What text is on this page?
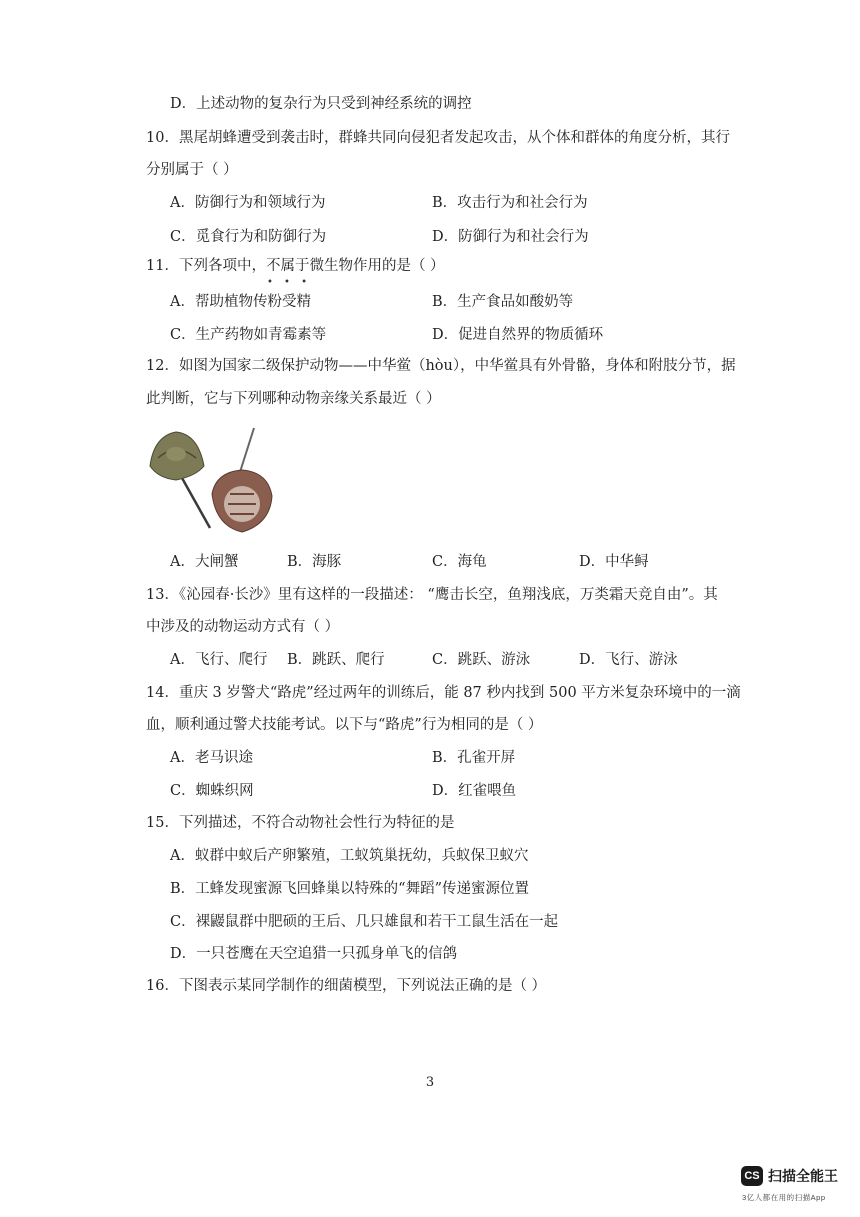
D．上述动物的复杂行为只受到神经系统的调控
10．黑尾胡蜂遭受到袭击时，群蜂共同向侵犯者发起攻击，从个体和群体的角度分析，其行
分别属于（ ）
A．防御行为和领域行为	B．攻击行为和社会行为
C．觅食行为和防御行为	D．防御行为和社会行为
11．下列各项中，不属于
• • •
微生物作用的是（ ）
A．帮助植物传粉受精	B．生产食品如酸奶等
C．生产药物如青霉素等	D．促进自然界的物质循环
12．如图为国家二级保护动物——中华鲎（hòu），中华鲎具有外骨骼，身体和附肢分节，据
此判断，它与下列哪种动物亲缘关系最近（ ）
A．大闸蟹	B．海豚	C．海龟	D．中华鲟
13．《沁园春·长沙》里有这样的一段描述： “鹰击长空，鱼翔浅底，万类霜天竞自由”。其
中涉及的动物运动方式有（ ）
A．飞行、爬行 B．跳跃、爬行	C．跳跃、游泳	D．飞行、游泳
14．重庆 3 岁警犬“路虎”经过两年的训练后，能 87 秒内找到 500 平方米复杂环境中的一滴
血，顺利通过警犬技能考试。以下与“路虎”行为相同的是（ ）
A．老马识途	B．孔雀开屏
C．蜘蛛织网	D．红雀喂鱼
15．下列描述，不符合动物社会性行为特征的是
A．蚁群中蚁后产卵繁殖，工蚁筑巢抚幼，兵蚁保卫蚁穴
B．工蜂发现蜜源飞回蜂巢以特殊的“舞蹈”传递蜜源位置
C．裸鼹鼠群中肥硕的王后、几只雄鼠和若干工鼠生活在一起
D．一只苍鹰在天空追猎一只孤身单飞的信鸽
16．下图表示某同学制作的细菌模型，下列说法正确的是（ ）
3
CS 扫描全能王
3亿人都在用的扫描App
